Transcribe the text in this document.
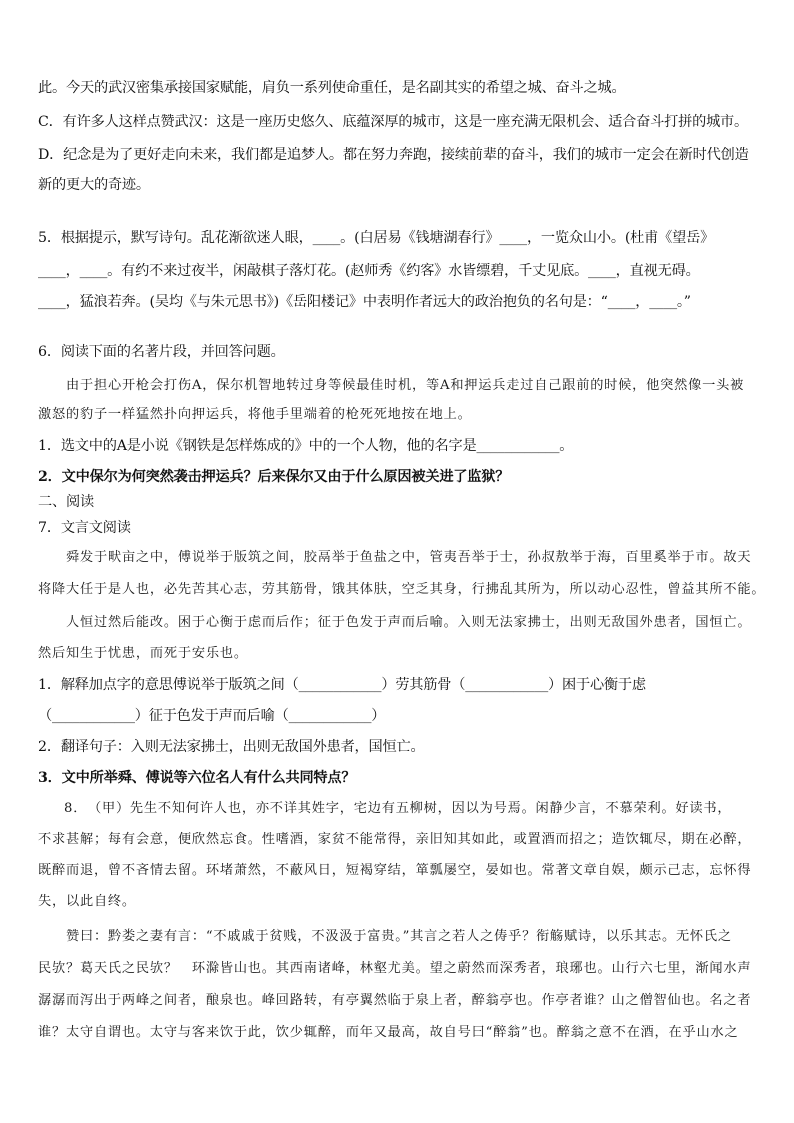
此。今天的武汉密集承接国家赋能，肩负一系列使命重任，是名副其实的希望之城、奋斗之城。
C．有许多人这样点赞武汉：这是一座历史悠久、底蕴深厚的城市，这是一座充满无限机会、适合奋斗打拼的城市。
D．纪念是为了更好走向未来，我们都是追梦人。都在努力奔跑，接续前辈的奋斗，我们的城市一定会在新时代创造
新的更大的奇迹。
5．根据提示，默写诗句。乱花渐欲迷人眼，____。(白居易《钱塘湖春行》____，一览众山小。(杜甫《望岳》
____，____。有约不来过夜半，闲敲棋子落灯花。(赵师秀《约客》水皆缥碧，千丈见底。____，直视无碍。
____，猛浪若奔。(吴均《与朱元思书》)《岳阳楼记》中表明作者远大的政治抱负的名句是：“____，____。”
6．阅读下面的名著片段，并回答问题。
由于担心开枪会打伤A，保尔机智地转过身等候最佳时机，等A和押运兵走过自己跟前的时候，他突然像一头被
激怒的豹子一样猛然扑向押运兵，将他手里端着的枪死死地按在地上。
1．选文中的A是小说《钢铁是怎样炼成的》中的一个人物，他的名字是____________。
2．文中保尔为何突然袭击押运兵？后来保尔又由于什么原因被关进了监狱？
二、阅读
7．文言文阅读
舜发于畎亩之中，傅说举于版筑之间，胶鬲举于鱼盐之中，管夷吾举于士，孙叔敖举于海，百里奚举于市。故天
将降大任于是人也，必先苦其心志，劳其筋骨，饿其体肤，空乏其身，行拂乱其所为，所以动心忍性，曾益其所不能。
人恒过然后能改。困于心衡于虑而后作；征于色发于声而后喻。入则无法家拂士，出则无敌国外患者，国恒亡。
然后知生于忧患，而死于安乐也。
1．解释加点字的意思傅说举于版筑之间（____________）劳其筋骨（____________）困于心衡于虑
（____________）征于色发于声而后喻（____________）
2．翻译句子：入则无法家拂士，出则无敌国外患者，国恒亡。
3．文中所举舜、傅说等六位名人有什么共同特点？
8．　（甲）先生不知何许人也，亦不详其姓字，宅边有五柳树，因以为号焉。闲静少言，不慕荣利。好读书，
不求甚解；每有会意，便欣然忘食。性嗜酒，家贫不能常得，亲旧知其如此，或置酒而招之；造饮辄尽，期在必醉，
既醉而退，曾不吝情去留。环堵萧然，不蔽风日，短褐穿结，箪瓢屡空，晏如也。常著文章自娱，颇示己志，忘怀得
失，以此自终。
赞曰：黔娄之妻有言：“不戚戚于贫贱，不汲汲于富贵。”其言之若人之俦乎？衔觞赋诗，以乐其志。无怀氏之
民欤？葛天氏之民欤？　环滁皆山也。其西南诸峰，林壑尤美。望之蔚然而深秀者，琅琊也。山行六七里，渐闻水声
潺潺而泻出于两峰之间者，酿泉也。峰回路转，有亭翼然临于泉上者，醉翁亭也。作亭者谁？山之僧智仙也。名之者
谁？太守自谓也。太守与客来饮于此，饮少辄醉，而年又最高，故自号曰“醉翁”也。醉翁之意不在酒，在乎山水之
